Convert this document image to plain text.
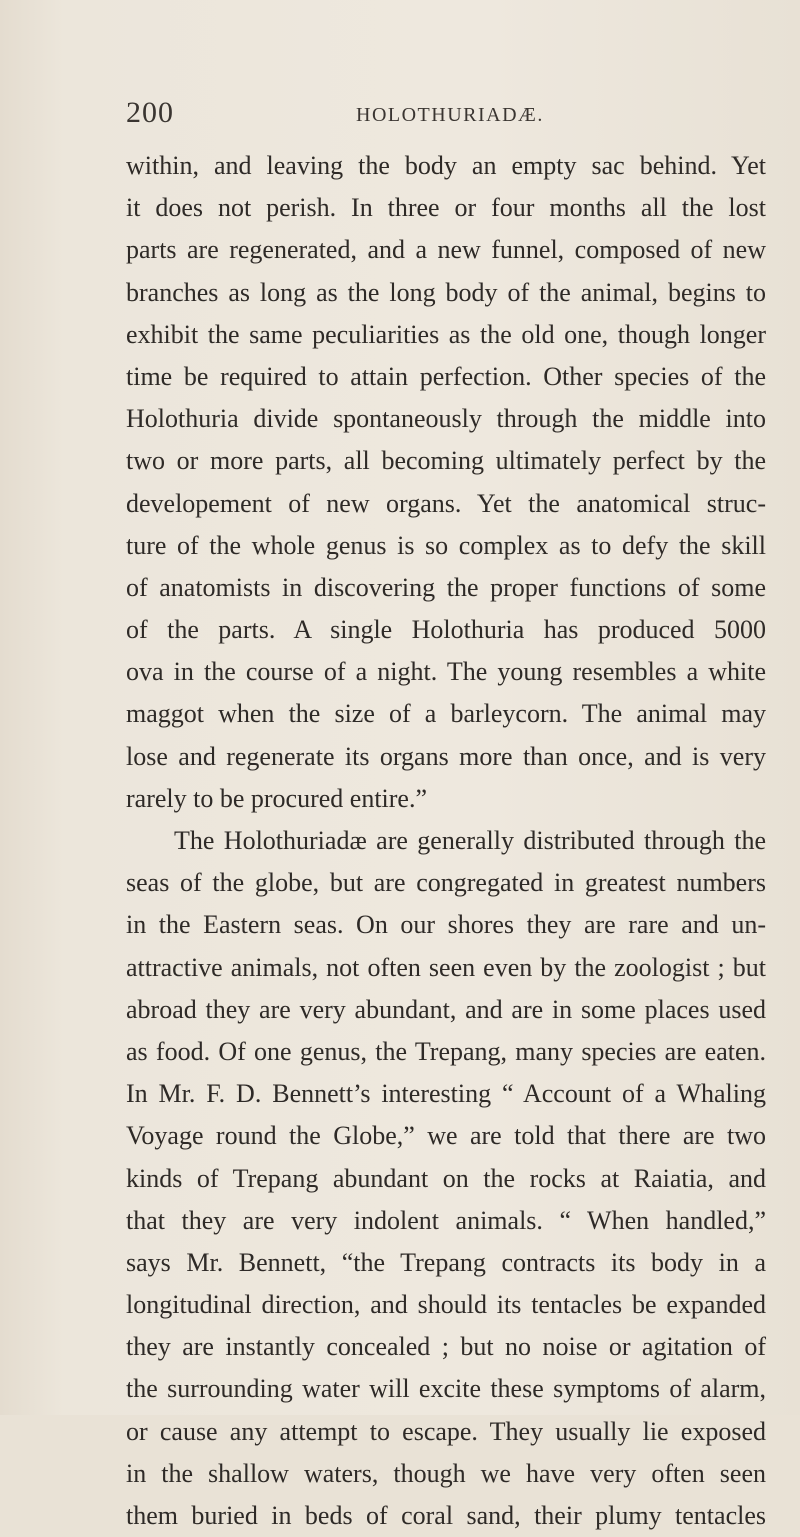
200	HOLOTHURIADÆ.
within, and leaving the body an empty sac behind. Yet
it does not perish. In three or four months all the lost
parts are regenerated, and a new funnel, composed of new
branches as long as the long body of the animal, begins to
exhibit the same peculiarities as the old one, though longer
time be required to attain perfection. Other species of the
Holothuria divide spontaneously through the middle into
two or more parts, all becoming ultimately perfect by the
developement of new organs. Yet the anatomical struc-
ture of the whole genus is so complex as to defy the skill
of anatomists in discovering the proper functions of some
of the parts. A single Holothuria has produced 5000
ova in the course of a night. The young resembles a white
maggot when the size of a barleycorn. The animal may
lose and regenerate its organs more than once, and is very
rarely to be procured entire.”
The Holothuriadæ are generally distributed through the
seas of the globe, but are congregated in greatest numbers
in the Eastern seas. On our shores they are rare and un-
attractive animals, not often seen even by the zoologist ; but
abroad they are very abundant, and are in some places used
as food. Of one genus, the Trepang, many species are eaten.
In Mr. F. D. Bennett’s interesting “ Account of a Whaling
Voyage round the Globe,” we are told that there are two
kinds of Trepang abundant on the rocks at Raiatia, and
that they are very indolent animals. “ When handled,”
says Mr. Bennett, “the Trepang contracts its body in a
longitudinal direction, and should its tentacles be expanded
they are instantly concealed ; but no noise or agitation of
the surrounding water will excite these symptoms of alarm,
or cause any attempt to escape. They usually lie exposed
in the shallow waters, though we have very often seen
them buried in beds of coral sand, their plumy tentacles
